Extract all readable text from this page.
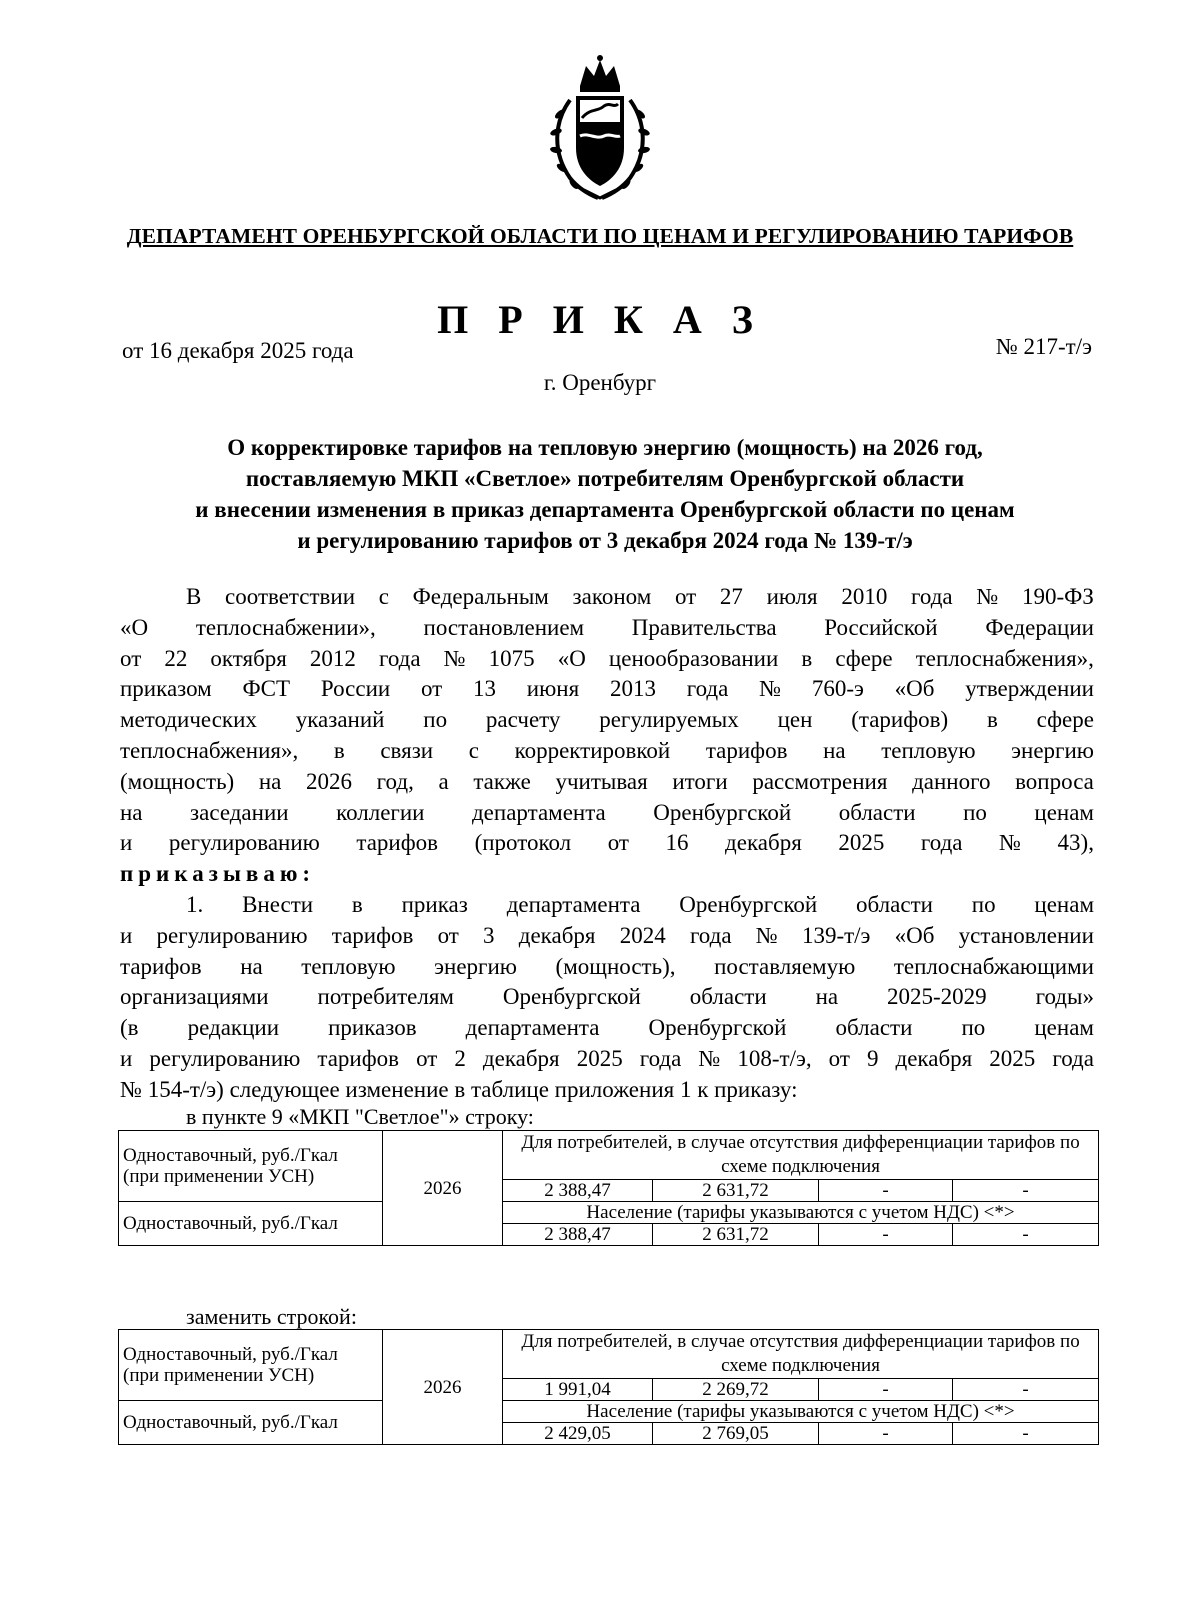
ДЕПАРТАМЕНТ ОРЕНБУРГСКОЙ ОБЛАСТИ ПО ЦЕНАМ И РЕГУЛИРОВАНИЮ ТАРИФОВ
П Р И К А З
от 16 декабря 2025 года	№ 217-т/э
г. Оренбург
О корректировке тарифов на тепловую энергию (мощность) на 2026 год,
поставляемую МКП «Светлое» потребителям Оренбургской области
и внесении изменения в приказ департамента Оренбургской области по ценам
и регулированию тарифов от 3 декабря 2024 года № 139-т/э
В соответствии с Федеральным законом от 27 июля 2010 года № 190-ФЗ
«О теплоснабжении», постановлением Правительства Российской Федерации
от 22 октября 2012 года № 1075 «О ценообразовании в сфере теплоснабжения»,
приказом ФСТ России от 13 июня 2013 года № 760-э «Об утверждении
методических указаний по расчету регулируемых цен (тарифов) в сфере
теплоснабжения», в связи с корректировкой тарифов на тепловую энергию
(мощность) на 2026 год, а также учитывая итоги рассмотрения данного вопроса
на заседании коллегии департамента Оренбургской области по ценам
и регулированию тарифов (протокол от 16 декабря 2025 года № 43),
приказываю:
1. Внести в приказ департамента Оренбургской области по ценам
и регулированию тарифов от 3 декабря 2024 года № 139-т/э «Об установлении
тарифов на тепловую энергию (мощность), поставляемую теплоснабжающими
организациями потребителям Оренбургской области на 2025-2029 годы»
(в редакции приказов департамента Оренбургской области по ценам
и регулированию тарифов от 2 декабря 2025 года № 108-т/э, от 9 декабря 2025 года
№ 154-т/э) следующее изменение в таблице приложения 1 к приказу:
в пункте 9 «МКП "Светлое"» строку:
Одноставочный, руб./Гкал (при применении УСН)	2026	Для потребителей, в случае отсутствия дифференциации тарифов по схеме подключения			
		2 388,47	2 631,72	-	-
Одноставочный, руб./Гкал		Население (тарифы указываются с учетом НДС) <*>			
		2 388,47	2 631,72	-	-
заменить строкой:
Одноставочный, руб./Гкал (при применении УСН)	2026	Для потребителей, в случае отсутствия дифференциации тарифов по схеме подключения			
		1 991,04	2 269,72	-	-
Одноставочный, руб./Гкал		Население (тарифы указываются с учетом НДС) <*>			
		2 429,05	2 769,05	-	-
